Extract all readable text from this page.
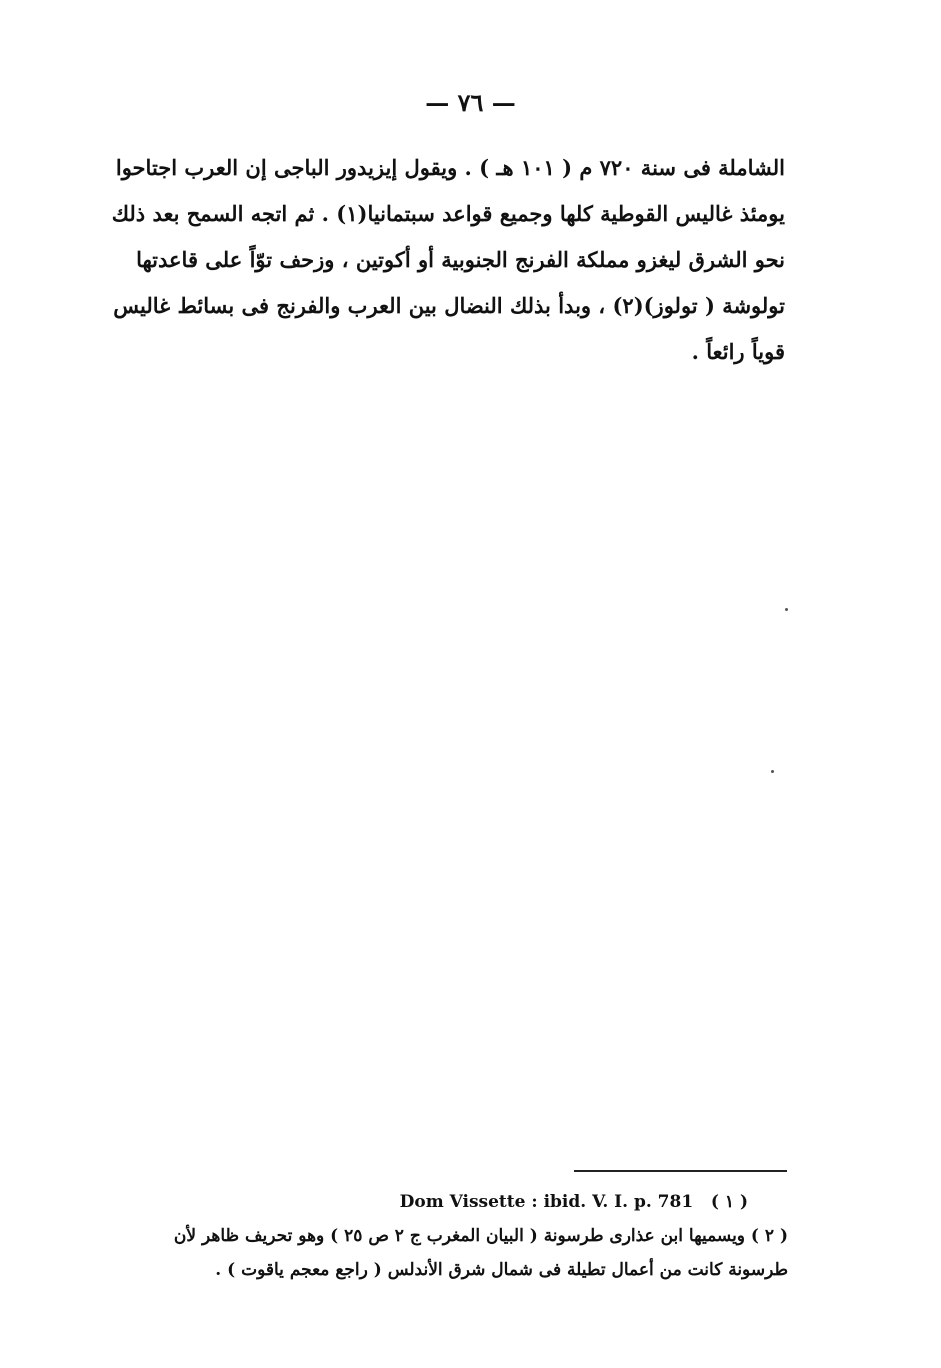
— ٧٦ —
الشاملة فى سنة ٧٢٠ م ( ١٠١ هـ ) . ويقول إيزيدور الباجى إن العرب اجتاحوا
يومئذ غاليس القوطية كلها وجميع قواعد سبتمانيا(١) . ثم اتجه السمح بعد ذلك
نحو الشرق ليغزو مملكة الفرنج الجنوبية أو أكوتين ، وزحف توّاً على قاعدتها
تولوشة ( تولوز)(٢) ، وبدأ بذلك النضال بين العرب والفرنج فى بسائط غاليس
قوياً رائعاً .
( ١ )   Dom Vissette : ibid. V. I. p. 781
( ٢ ) ويسميها ابن عذارى طرسونة ( البيان المغرب ج ٢ ص ٢٥ ) وهو تحريف ظاهر لأن
طرسونة كانت من أعمال تطيلة فى شمال شرق الأندلس ( راجع معجم ياقوت ) .
